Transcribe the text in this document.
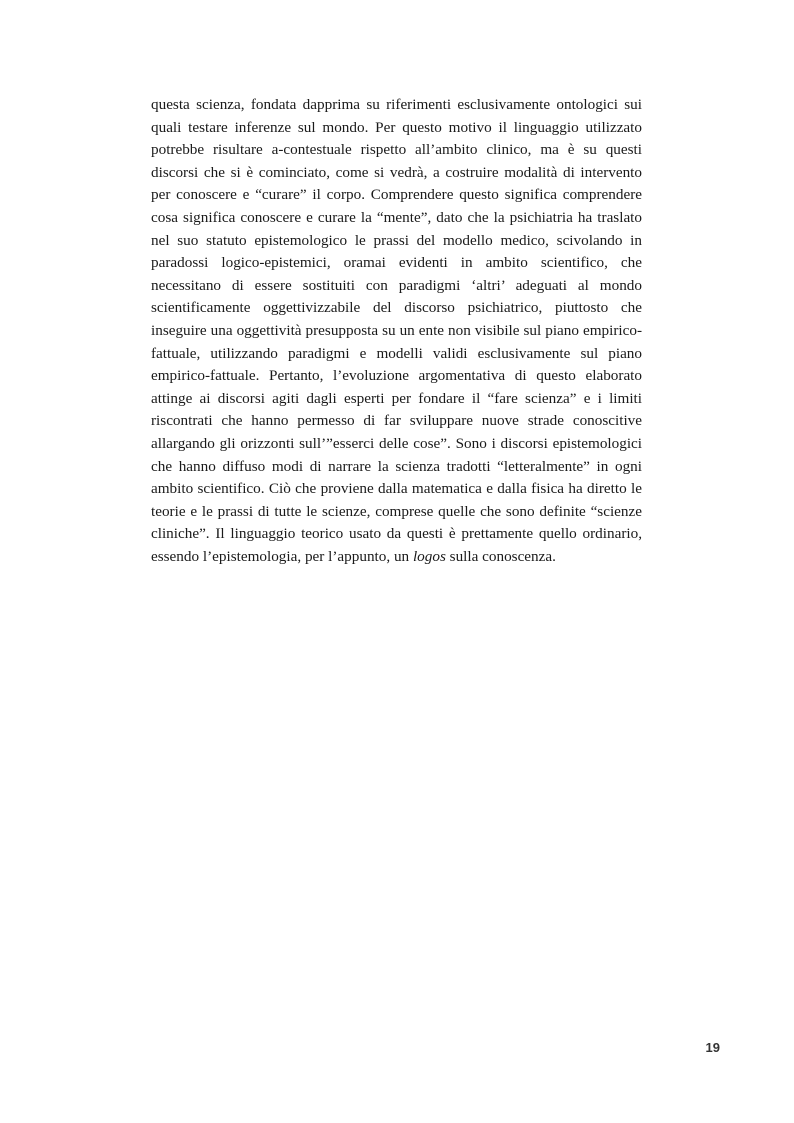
questa scienza, fondata dapprima su riferimenti esclusivamente ontologici sui quali testare inferenze sul mondo. Per questo motivo il linguaggio utilizzato potrebbe risultare a-contestuale rispetto all’ambito clinico, ma è su questi discorsi che si è cominciato, come si vedrà, a costruire modalità di intervento per conoscere e “curare” il corpo. Comprendere questo significa comprendere cosa significa conoscere e curare la “mente”, dato che la psichiatria ha traslato nel suo statuto epistemologico le prassi del modello medico, scivolando in paradossi logico-epistemici, oramai evidenti in ambito scientifico, che necessitano di essere sostituiti con paradigmi ‘altri’ adeguati al mondo scientificamente oggettivizzabile del discorso psichiatrico, piuttosto che inseguire una oggettività presupposta su un ente non visibile sul piano empirico-fattuale, utilizzando paradigmi e modelli validi esclusivamente sul piano empirico-fattuale. Pertanto, l’evoluzione argomentativa di questo elaborato attinge ai discorsi agiti dagli esperti per fondare il “fare scienza” e i limiti riscontrati che hanno permesso di far sviluppare nuove strade conoscitive allargando gli orizzonti sull’”esserci delle cose”. Sono i discorsi epistemologici che hanno diffuso modi di narrare la scienza tradotti “letteralmente” in ogni ambito scientifico. Ciò che proviene dalla matematica e dalla fisica ha diretto le teorie e le prassi di tutte le scienze, comprese quelle che sono definite “scienze cliniche”. Il linguaggio teorico usato da questi è prettamente quello ordinario, essendo l’epistemologia, per l’appunto, un logos sulla conoscenza.

19
